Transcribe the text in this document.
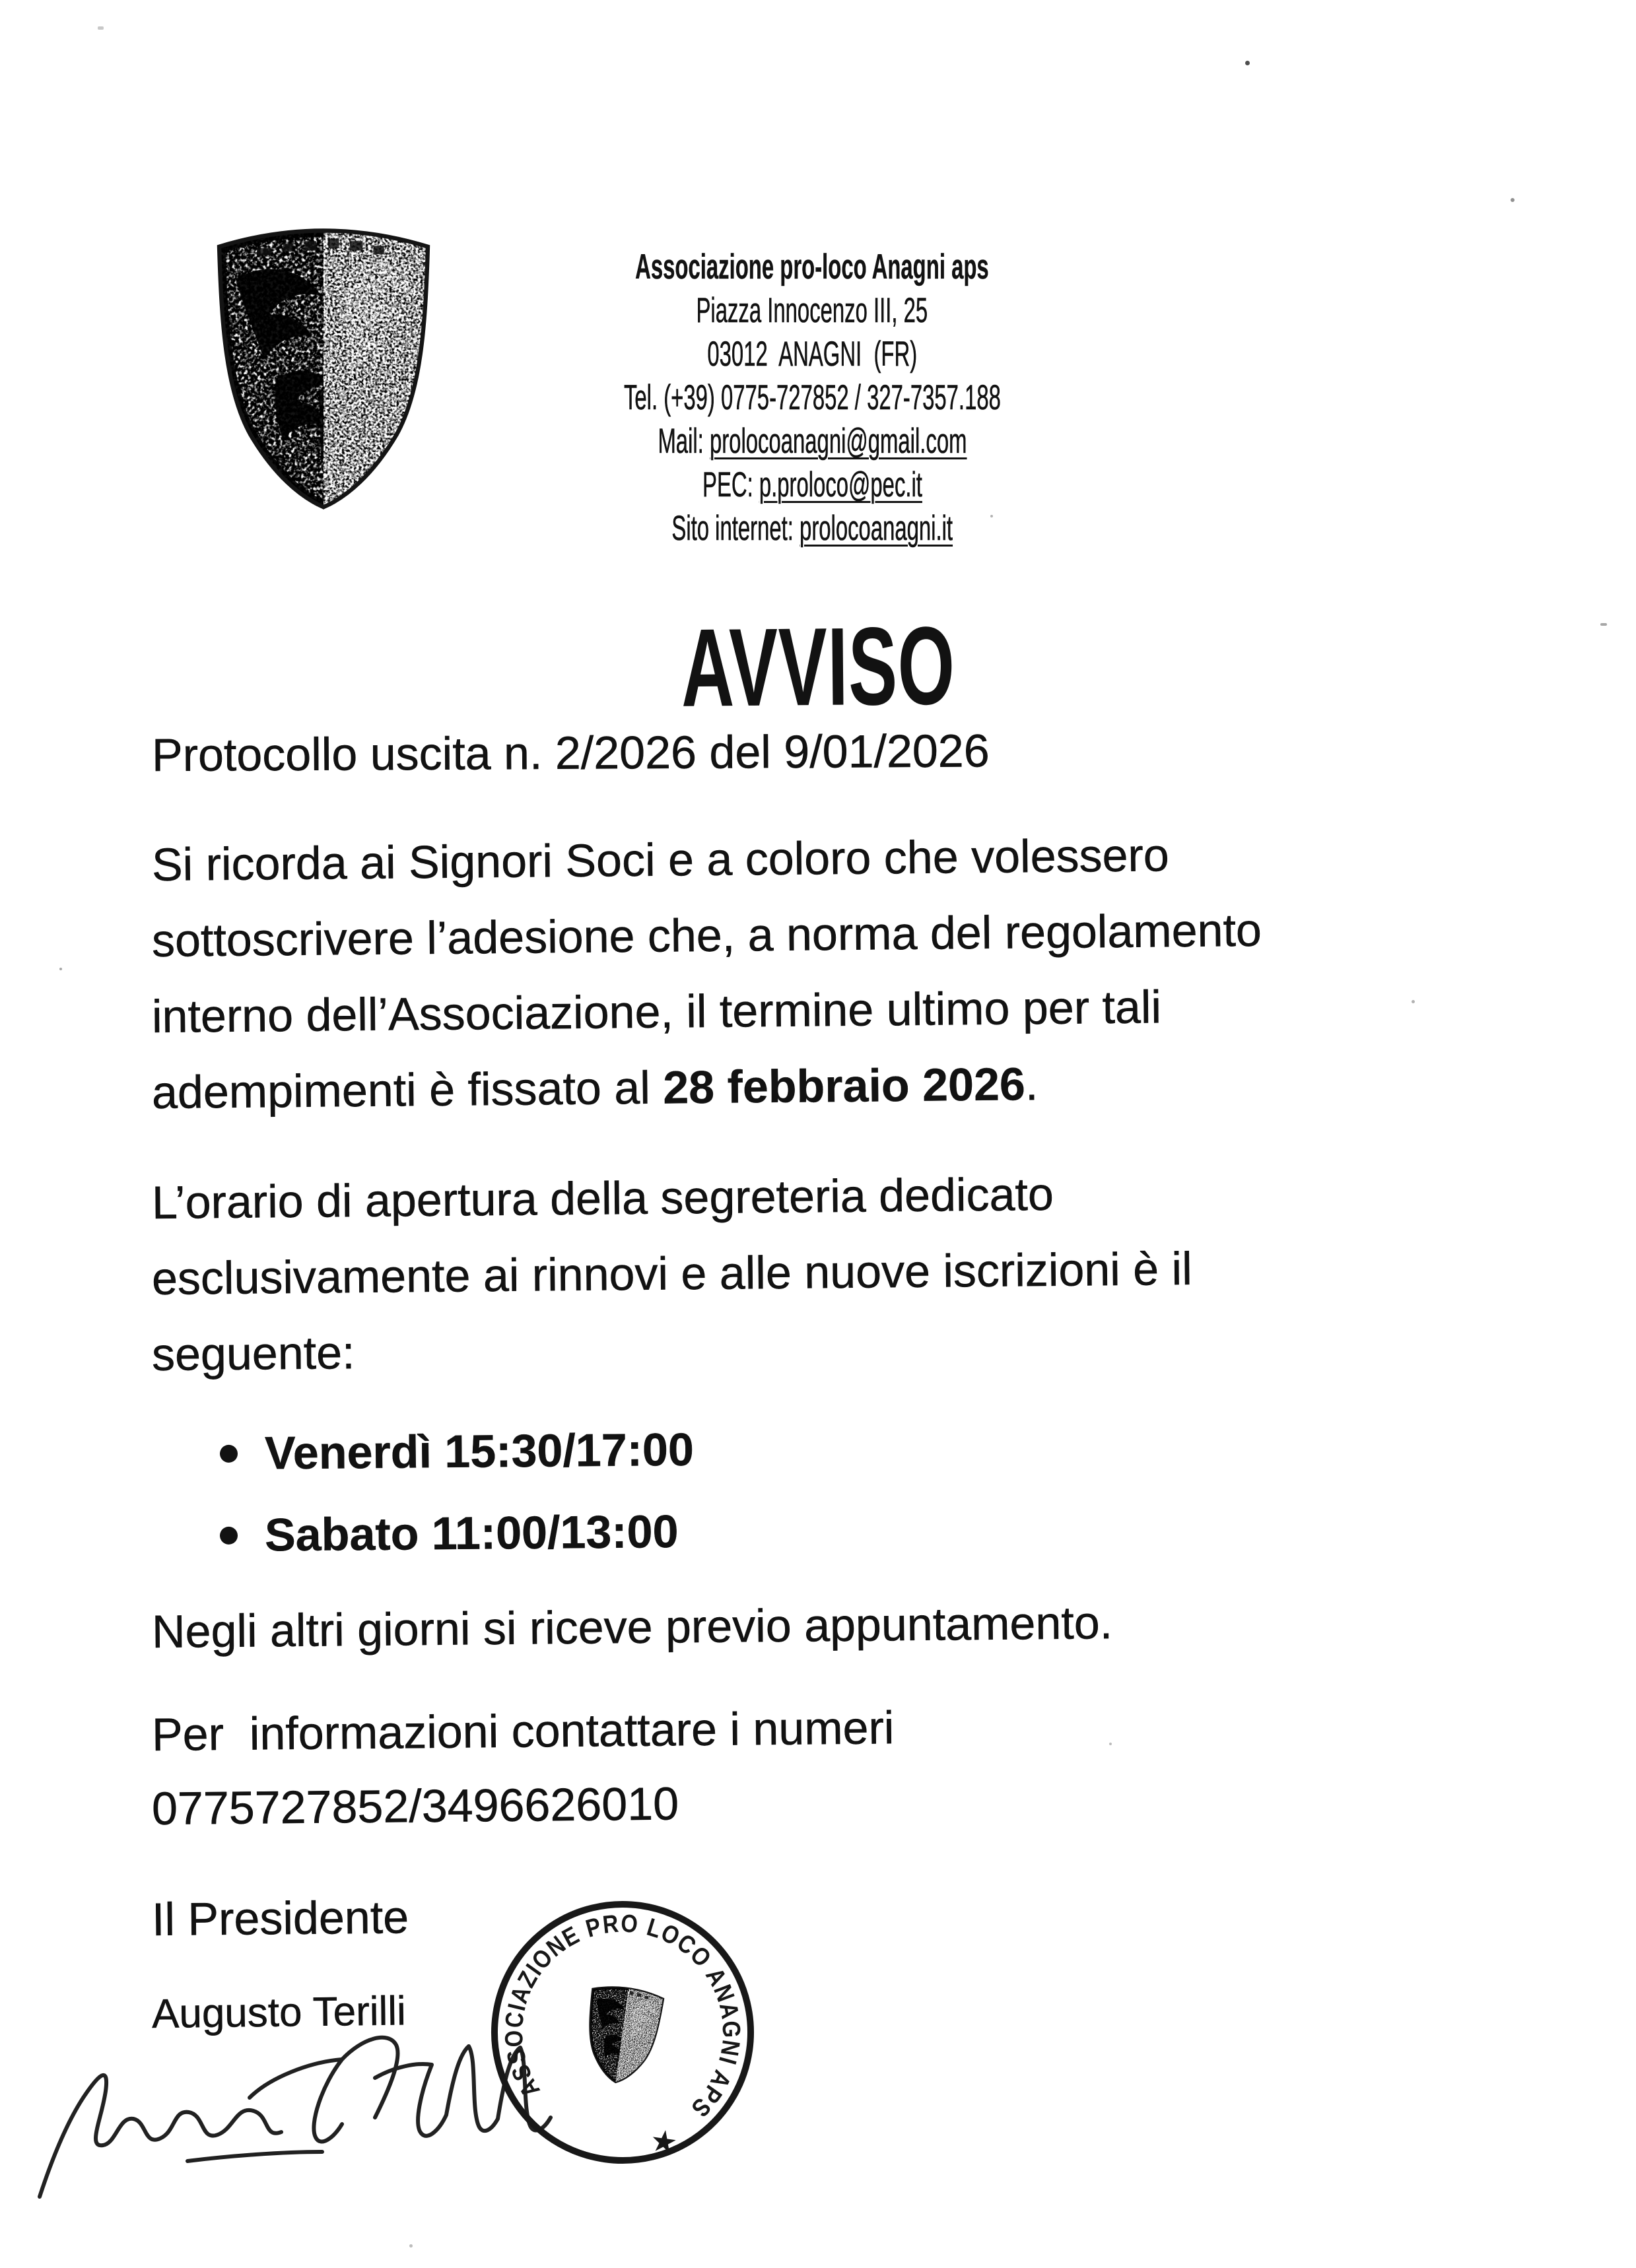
Associazione pro-loco Anagni aps
Piazza Innocenzo III, 25
03012  ANAGNI  (FR)
Tel. (+39) 0775-727852 / 327-7357.188
Mail: prolocoanagni@gmail.com
PEC: p.proloco@pec.it
Sito internet: prolocoanagni.it
AVVISO
Protocollo uscita n. 2/2026 del 9/01/2026
Si ricorda ai Signori Soci e a coloro che volessero
sottoscrivere l’adesione che, a norma del regolamento
interno dell’Associazione, il termine ultimo per tali
adempimenti è fissato al 28 febbraio 2026.
L’orario di apertura della segreteria dedicato
esclusivamente ai rinnovi e alle nuove iscrizioni è il
seguente:
Venerdì 15:30/17:00
Sabato 11:00/13:00
Negli altri giorni si riceve previo appuntamento.
Per  informazioni contattare i numeri
0775727852/3496626010
Il Presidente
Augusto Terilli
ASSOCIAZIONE PRO LOCO ANAGNI APS
★
